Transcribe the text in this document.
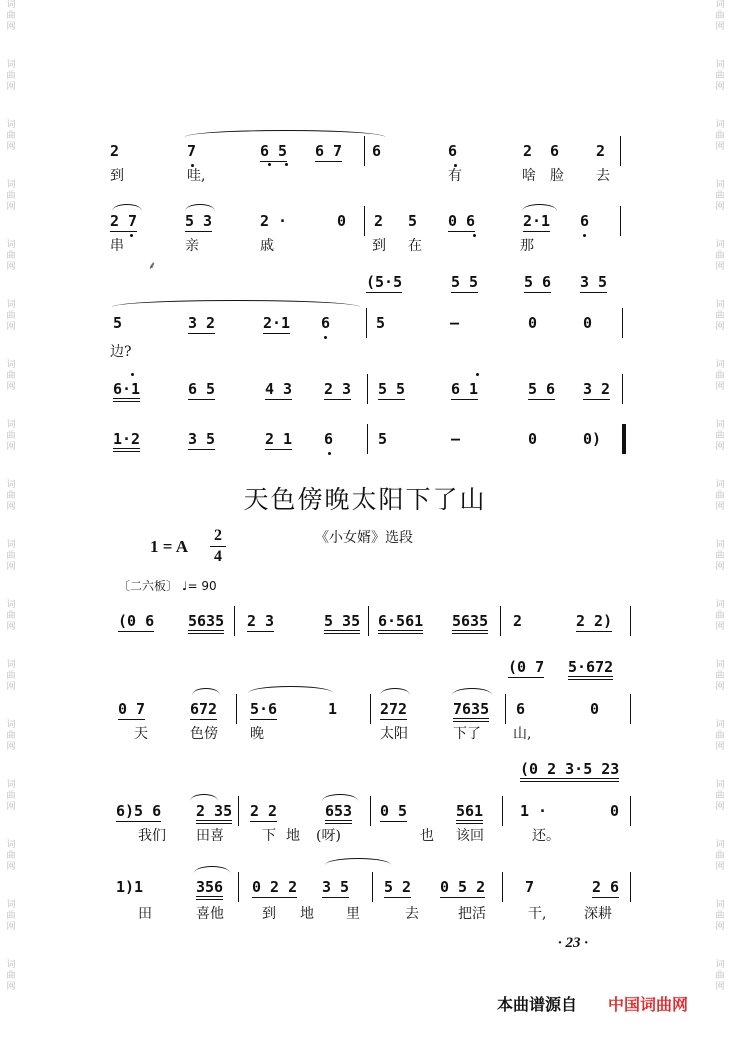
词
曲
网
词
曲
网
词
曲
网
词
曲
网
词
曲
网
词
曲
网
词
曲
网
词
曲
网
词
曲
网
词
曲
网
词
曲
网
词
曲
网
词
曲
网
词
曲
网
词
曲
网
词
曲
网
词
曲
网
词
曲
网
词
曲
网
词
曲
网
词
曲
网
词
曲
网
词
曲
网
词
曲
网
词
曲
网
词
曲
网
词
曲
网
词
曲
网
词
曲
网
词
曲
网
词
曲
网
词
曲
网
词
曲
网
词
曲
网
2	7	6 5 6 7 6	6	2 6 2
到	哇,	有	啥 脸 去
2 7	5 3	2 ·	0 2 5 0 6	2·1 6
串	亲	戚	到 在	那
⸙
(5·5	5 5	5 6 3 5
5	3 2	2·1 6	5	—	0	0
边?
6·1	6 5	4 3 2 3 5 5	6 1	5 6 3 2
1·2	3 5	2 1 6	5	—	0	0)
天色傍晚太阳下了山
1 = A
2
4
《小女婿》选段
〔二六板〕 ♩= 90
(0 6 5635 2 3	5 35 6·561 5635 2	2 2)
(0 7 5·672
0 7	672 5·6	1	272	7635 6	0
天	色傍 晚	太阳	下了 山,
(0 2 3·5 23
6)5 6 2 35 2 2	653 0 5	561 1 ·	0
我们 田喜	下 地 (呀)	也 该回	还。
1)1	356 0 2 2 3 5 5 2 0 5 2	7	2 6
田	喜他	到 地 里	去	把活	干,	深耕
· 23 ·
本曲谱源自 中国词曲网
